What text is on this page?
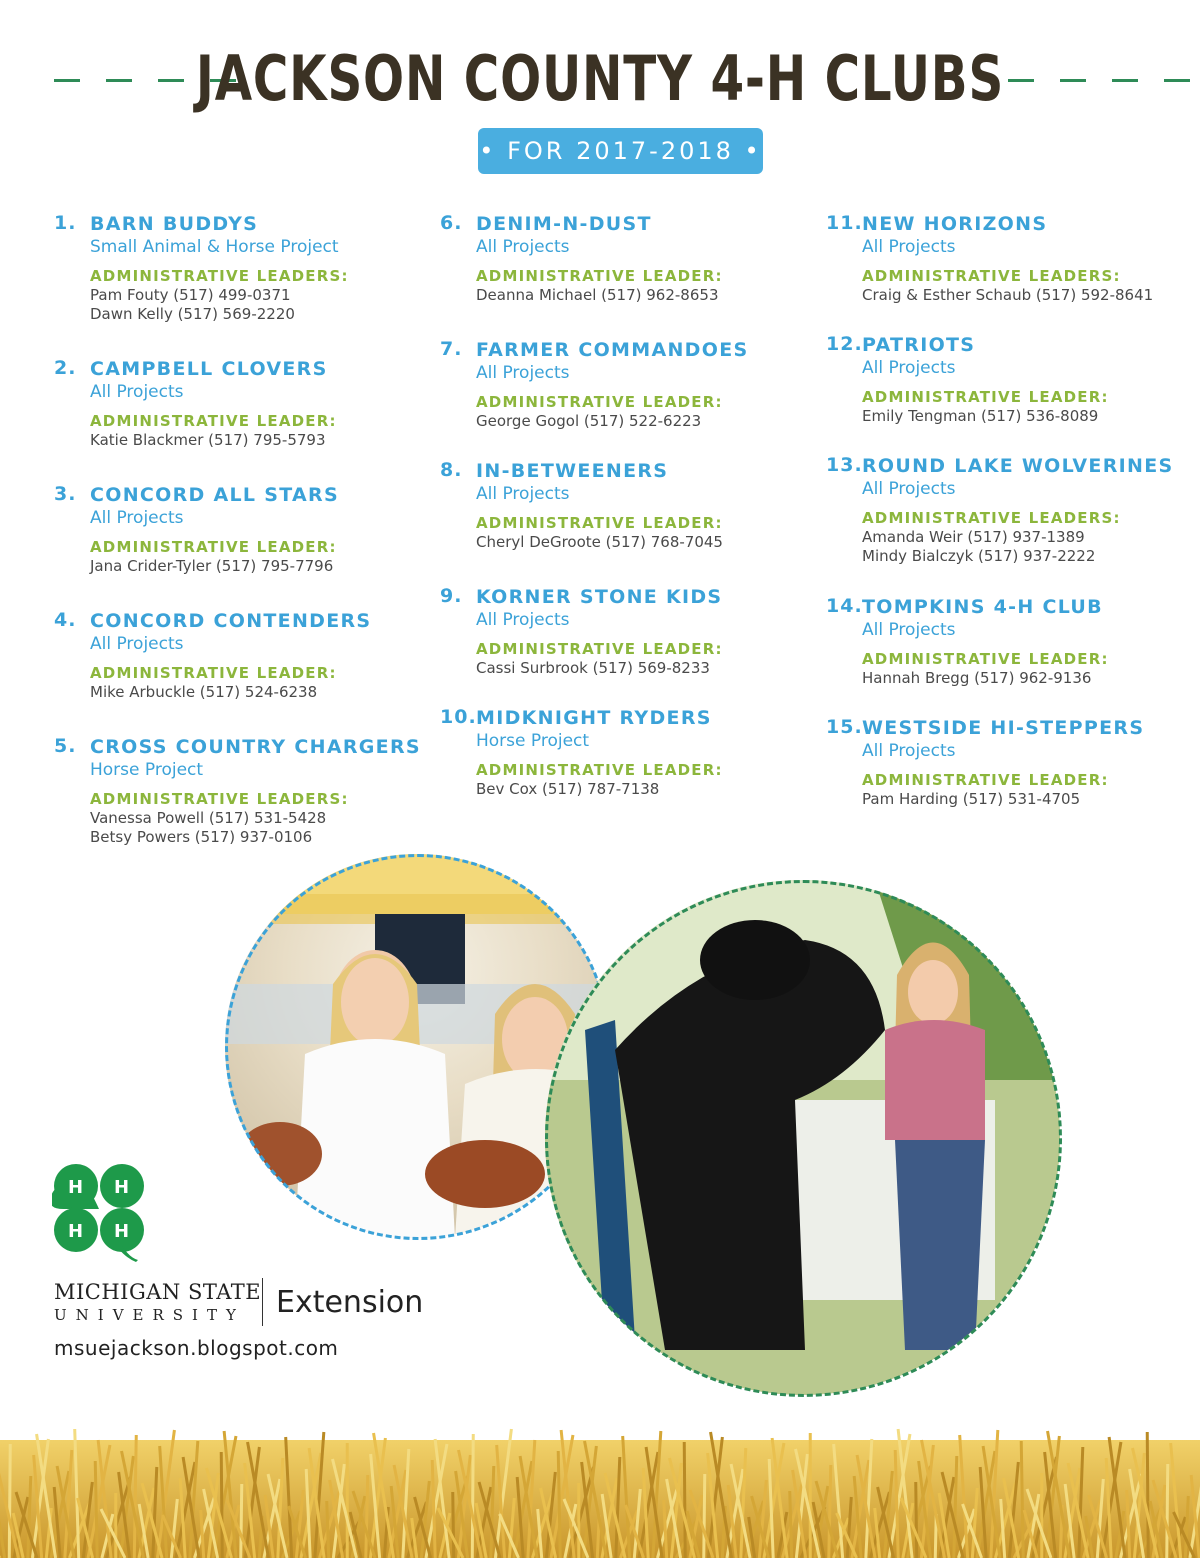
JACKSON COUNTY 4-H CLUBS
• FOR 2017-2018 •
1. BARN BUDDYS
Small Animal & Horse Project
ADMINISTRATIVE LEADERS:
Pam Fouty (517) 499-0371
Dawn Kelly (517) 569-2220
2. CAMPBELL CLOVERS
All Projects
ADMINISTRATIVE LEADER:
Katie Blackmer (517) 795-5793
3. CONCORD ALL STARS
All Projects
ADMINISTRATIVE LEADER:
Jana Crider-Tyler (517) 795-7796
4. CONCORD CONTENDERS
All Projects
ADMINISTRATIVE LEADER:
Mike Arbuckle (517) 524-6238
5. CROSS COUNTRY CHARGERS
Horse Project
ADMINISTRATIVE LEADERS:
Vanessa Powell (517) 531-5428
Betsy Powers (517) 937-0106
6. DENIM-N-DUST
All Projects
ADMINISTRATIVE LEADER:
Deanna Michael (517) 962-8653
7. FARMER COMMANDOES
All Projects
ADMINISTRATIVE LEADER:
George Gogol (517) 522-6223
8. IN-BETWEENERS
All Projects
ADMINISTRATIVE LEADER:
Cheryl DeGroote (517) 768-7045
9. KORNER STONE KIDS
All Projects
ADMINISTRATIVE LEADER:
Cassi Surbrook (517) 569-8233
10. MIDKNIGHT RYDERS
Horse Project
ADMINISTRATIVE LEADER:
Bev Cox (517) 787-7138
11. NEW HORIZONS
All Projects
ADMINISTRATIVE LEADERS:
Craig & Esther Schaub (517) 592-8641
12. PATRIOTS
All Projects
ADMINISTRATIVE LEADER:
Emily Tengman (517) 536-8089
13. ROUND LAKE WOLVERINES
All Projects
ADMINISTRATIVE LEADERS:
Amanda Weir (517) 937-1389
Mindy Bialczyk (517) 937-2222
14. TOMPKINS 4-H CLUB
All Projects
ADMINISTRATIVE LEADER:
Hannah Bregg (517) 962-9136
15. WESTSIDE HI-STEPPERS
All Projects
ADMINISTRATIVE LEADER:
Pam Harding (517) 531-4705
H H
H H
MICHIGAN STATE
UNIVERSITY	Extension
msuejackson.blogspot.com
